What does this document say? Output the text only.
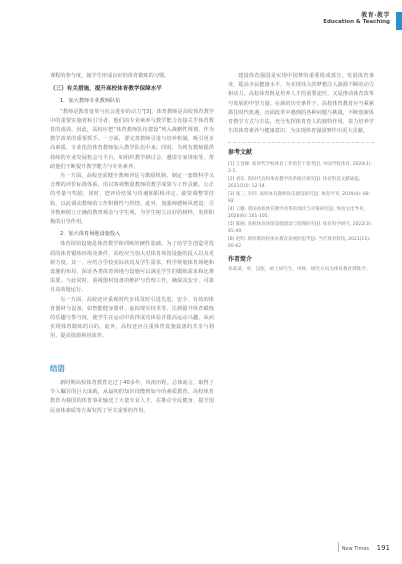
教育·教学
Education & Teaching

课程的参与度，使学生形成良好的体育锻炼的习惯。

（三）有关措施，提升高校体育教学保障水平
1．加大教师专业教师队伍

“教师是教育变革与社会进步的动力”[3]，体育教师是高校体育教学中的重要实施者和引导者，他们的专业素养与教学能力直接关乎体育教育的成效。因此，高校应把“体育教师队伍建设”列入战略性规划，作为教学改革的重要抓手。一方面，要完善教师引进与培养机制，吸引更多高素质、专业化的体育教师加入教学队伍中来；同时，为现有教师提供持续的专业发展机会与平台，如组织教学研讨会、邀请专家讲座等，帮助他们不断提升教学能力与专业素养。

另一方面，高校还需健全教师评估与激励机制，制定一套既科学又合理的评价标准体系，用以客观衡量教师的教学成果与工作贡献，公正的考量与奖励，同时，把评价结果与待遇和职称评定、薪资调整等挂钩，以此调动教师的工作积极性与热情。此外，加强师德师风建设，引导教师树立正确的教育观念与学生观，为学生树立良好的榜样，发挥积极的引导作用。

2．加大体育场地设施投入

体育场馆设施是体育教学和训练的硬件基础。为了给学生创造更优质的体育锻炼环境及条件，高校应当加大对体育场馆设施的投入以及更新力度。其一，应结合学校实际状况及学生需求，科学规划体育场地和设施的布局，保证各类体育场地与设施可以满足学生的锻炼需求和比赛需要。与此同时，重视器材设备的维护与管理工作，确保其安全、可靠且高效地运行。

另一方面，高校还应重视时代步伐及时引进先进、安全、有效的体育器材与设备，如智能健身器材、虚拟现实技术等，达到提升体育锻炼的乐趣与参与度，使学生在运动中获得成功体验并提高运动兴趣，从而实现体育锻炼的目的。此外，高校还应注重体育设施设备的共享与利用，提高资源利用效率。

结语

新时期高校体育教育走过了40多年，风雨历程。总体而言，取得了令人瞩目的巨大成就，从最初的知识技能到如今的素质教育。高校体育教育为我国的体育事业输送了大量专业人才，在推动全民健身、提升国民身体素质等方面发挥了至关重要的作用。

建设体育强国是实现中国梦的重要组成部分。发展体育事业，提高全民健康水平，为实现伟大的梦想注入源源不断的动力和活力。高校体育既是培养人才的重要途径，又是推动体育改革与发展的中坚力量。在新的历史条件下，高校体育教育应当紧紧抓住时代机遇，直面改革中遇到的各种问题与挑战，不断创新体育教学方式与方法，充分发挥体育育人的独特作用，着力培养学生的体育素养与健康意识，为实现体育强国梦作出更大贡献。

参考文献
[1] 王登峰. 新时代学校体育工作的若干思考[J]. 中国学校体育, 2020(1): 2-5.
[2] 刘东. 新时代高校体育教学改革路径探究[J]. 体育科技文献通报, 2021(10): 12-14.
[3] 张三, 李四. 高校体育教师队伍建设研究[J]. 体育学刊, 2019(4): 88-92.
[4] 王鹏. 我国高校体育教学改革的现状与对策研究[J]. 体育文化导刊, 2020(6): 101-105.
[5] 陈刚. 高校体育场馆设施建设与管理研究[J]. 体育科学研究, 2022(3): 45-49.
[6] 赵明. 新时期高校体育教育发展的思考[J]. 当代体育科技, 2021(15): 60-62.
作者简介
孙某某，男，汉族，硕士研究生，讲师，研究方向为体育教育训练学。
New Times 191
